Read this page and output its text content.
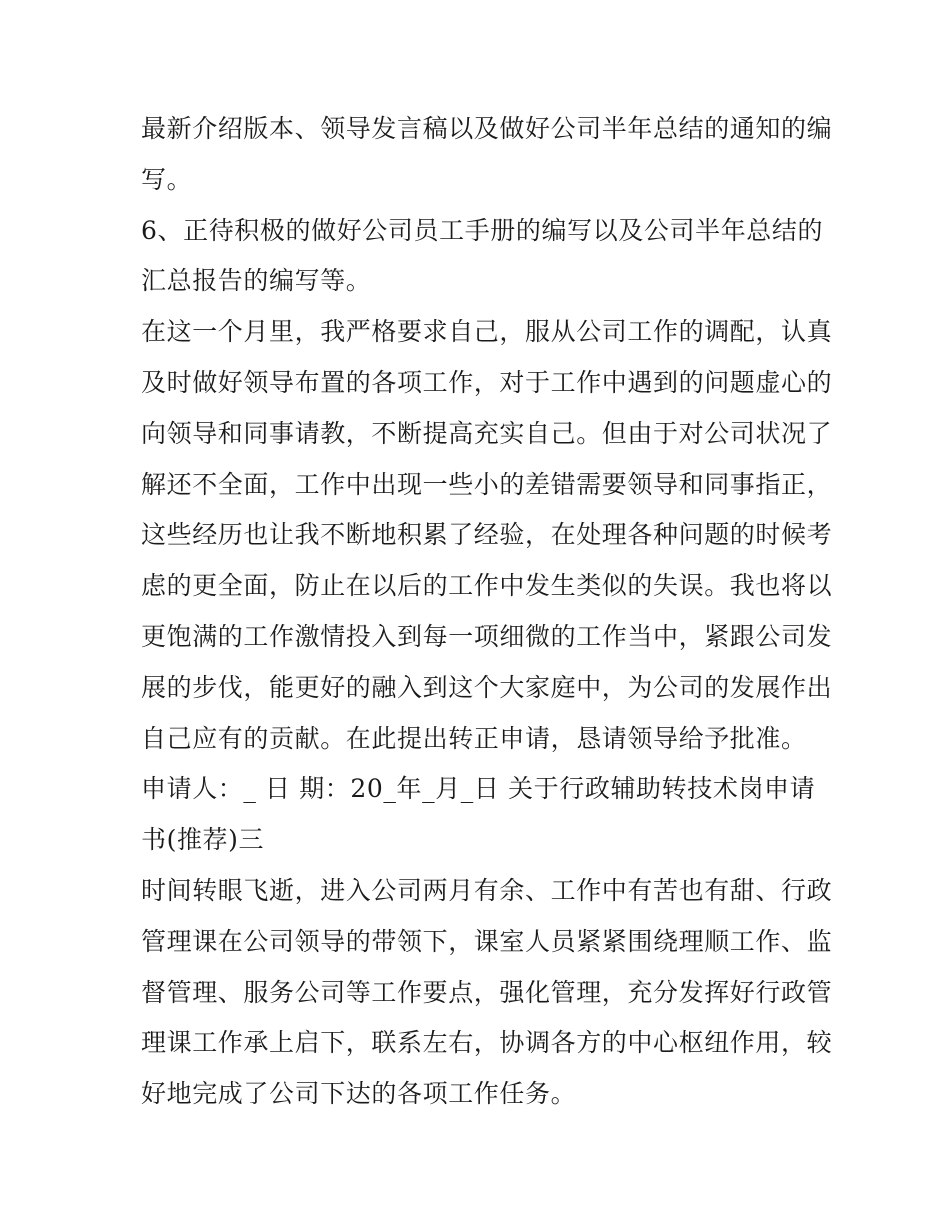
最新介绍版本、领导发言稿以及做好公司半年总结的通知的编
写。
6、正待积极的做好公司员工手册的编写以及公司半年总结的
汇总报告的编写等。
在这一个月里，我严格要求自己，服从公司工作的调配，认真
及时做好领导布置的各项工作，对于工作中遇到的问题虚心的
向领导和同事请教，不断提高充实自己。但由于对公司状况了
解还不全面，工作中出现一些小的差错需要领导和同事指正，
这些经历也让我不断地积累了经验，在处理各种问题的时候考
虑的更全面，防止在以后的工作中发生类似的失误。我也将以
更饱满的工作激情投入到每一项细微的工作当中，紧跟公司发
展的步伐，能更好的融入到这个大家庭中，为公司的发展作出
自己应有的贡献。在此提出转正申请，恳请领导给予批准。
申请人：_ 日 期：20_年_月_日 关于行政辅助转技术岗申请
书(推荐)三
时间转眼飞逝，进入公司两月有余、工作中有苦也有甜、行政
管理课在公司领导的带领下，课室人员紧紧围绕理顺工作、监
督管理、服务公司等工作要点，强化管理，充分发挥好行政管
理课工作承上启下，联系左右，协调各方的中心枢纽作用，较
好地完成了公司下达的各项工作任务。
